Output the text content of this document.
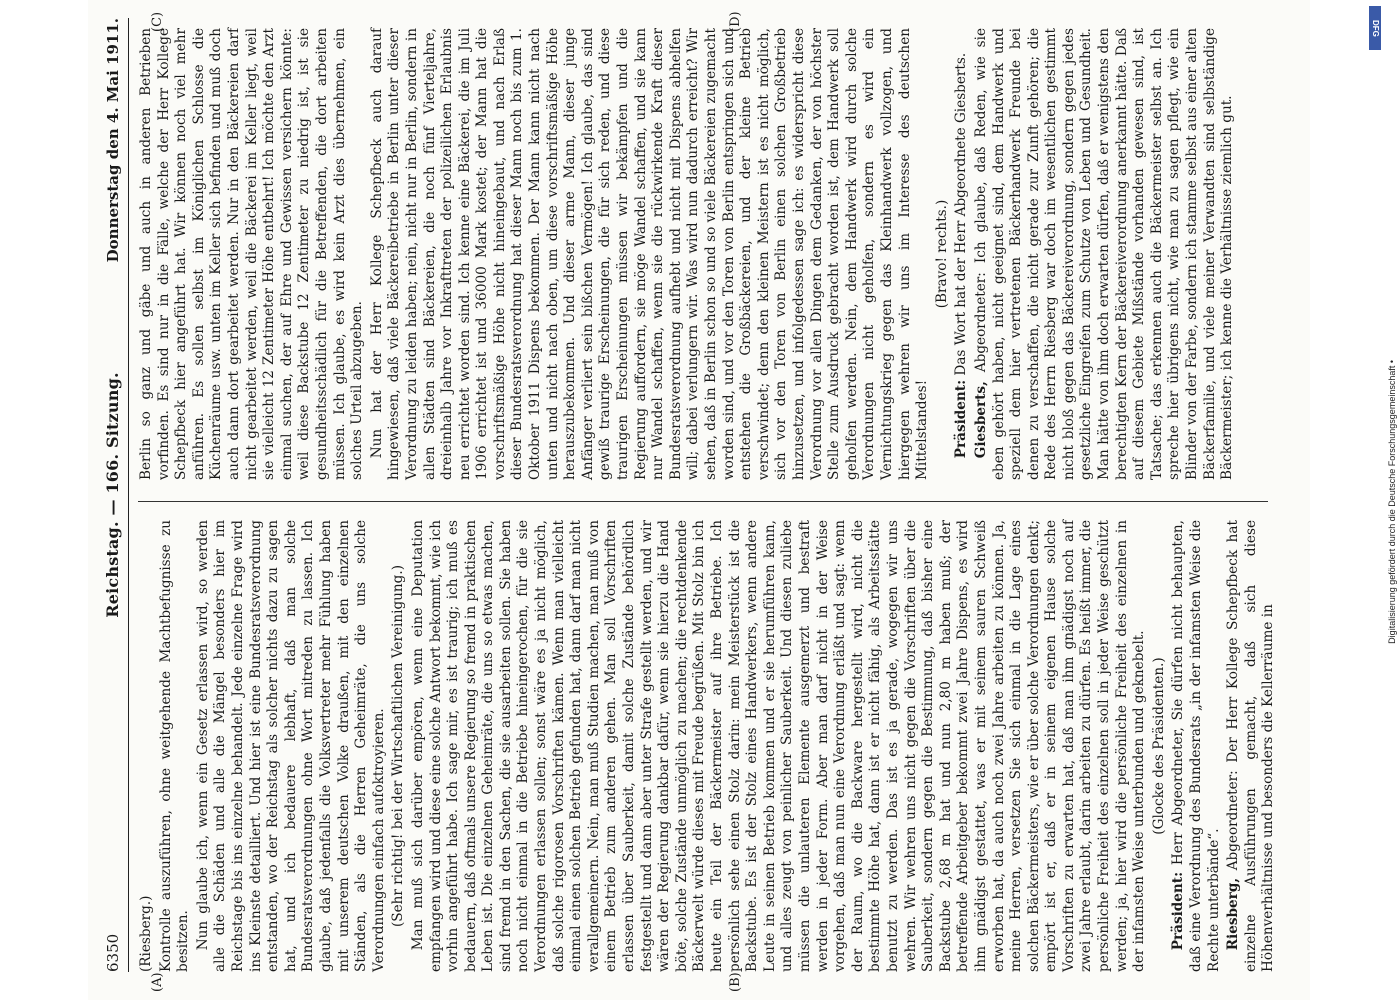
6350
Reichstag. — 166. Sitzung.
Donnerstag den 4. Mai 1911.
(A)	(B)
(C)	(D)

(Riesberg.) Kontrolle auszuführen, ohne weitgehende Machtbefugnisse zu besitzen. Nun glaube ich, wenn ein Gesetz erlassen wird, so werden alle die Schäden und alle die Mängel besonders hier im Reichstage bis ins einzelne behandelt. Jede einzelne Frage wird ins Kleinste detailliert. Und hier ist eine Bundesratsverordnung entstanden, wo der Reichstag als solcher nichts dazu zu sagen hat, und ich bedauere lebhaft, daß man solche Bundesratsverordnungen ohne Wort mitreden zu lassen. Ich glaube, daß jedenfalls die Volksvertreter mehr Fühlung haben mit unserem deutschen Volke draußen, mit den einzelnen Ständen, als die Herren Geheimräte, die uns solche Verordnungen einfach aufoktroyieren. (Sehr richtig! bei der Wirtschaftlichen Vereinigung.) Man muß sich darüber empören, wenn eine Deputation empfangen wird und diese eine solche Antwort bekommt, wie ich vorhin angeführt habe. Ich sage mir, es ist traurig; ich muß es bedauern, daß oftmals unsere Regierung so fremd in praktischen Leben ist. Die einzelnen Geheimräte, die uns so etwas machen, sind fremd in den Sachen, die sie ausarbeiten sollen. Sie haben noch nicht einmal in die Betriebe hineingerochen, für die sie Verordnungen erlassen sollen; sonst wäre es ja nicht möglich, daß solche rigorosen Vorschriften kämen. Wenn man vielleicht einmal einen solchen Betrieb gefunden hat, dann darf man nicht verallgemeinern. Nein, man muß Studien machen, man muß von einem Betrieb zum anderen gehen. Man soll Vorschriften erlassen über Sauberkeit, damit solche Zustände behördlich festgestellt und dann aber unter Strafe gestellt werden, und wir wären der Regierung dankbar dafür, wenn sie hierzu die Hand böte, solche Zustände unmöglich zu machen; die rechtdenkende Bäckerwelt würde dieses mit Freude begrüßen. Mit Stolz bin ich heute ein Teil der Bäckermeister auf ihre Betriebe. Ich persönlich sehe einen Stolz darin: mein Meisterstück ist die Backstube. Es ist der Stolz eines Handwerkers, wenn andere Leute in seinen Betrieb kommen und er sie herumführen kann, und alles zeugt von peinlicher Sauberkeit. Und diesen zuliebe müssen die unlauteren Elemente ausgemerzt und bestraft werden in jeder Form. Aber man darf nicht in der Weise vorgehen, daß man nun eine Verordnung erläßt und sagt: wenn der Raum, wo die Backware hergestellt wird, nicht die bestimmte Höhe hat, dann ist er nicht fähig, als Arbeitsstätte benutzt zu werden. Das ist es ja gerade, wogegen wir uns wehren. Wir wehren uns nicht gegen die Vorschriften über die Sauberkeit, sondern gegen die Bestimmung, daß bisher eine Backstube 2,68 m hat und nun 2,80 m haben muß; der betreffende Arbeitgeber bekommt zwei Jahre Dispens, es wird ihm gnädigst gestattet, was er mit seinem sauren Schweiß erworben hat, da auch noch zwei Jahre arbeiten zu können. Ja, meine Herren, versetzen Sie sich einmal in die Lage eines solchen Bäckermeisters, wie er über solche Verordnungen denkt; empört ist er, daß er in seinem eigenen Hause solche Vorschriften zu erwarten hat, daß man ihm gnädigst noch auf zwei Jahre erlaubt, darin arbeiten zu dürfen. Es heißt immer, die persönliche Freiheit des einzelnen soll in jeder Weise geschützt werden; ja, hier wird die persönliche Freiheit des einzelnen in der infamsten Weise unterbunden und geknebelt. (Glocke des Präsidenten.)

Präsident: Herr Abgeordneter, Sie dürfen nicht behaupten, daß eine Verordnung des Bundesrats „in der infamsten Weise die Rechte unterbände“. Riesberg, Abgeordneter: Der Herr Kollege Schepfbeck hat einzelne Ausführungen gemacht, daß sich diese Höhenverhältnisse und besonders die Kellerräume in

Berlin so ganz und gäbe und auch in anderen Betrieben vorfinden. Es sind nur in die Fälle, welche der Herr Kollege Schepfbeck hier angeführt hat. Wir können noch viel mehr anführen. Es sollen selbst im Königlichen Schlosse die Küchenräume usw. unten im Keller sich befinden und muß doch auch dann dort gearbeitet werden. Nur in den Bäckereien darf nicht gearbeitet werden, weil die Bäckerei im Keller liegt, weil sie vielleicht 12 Zentimeter Höhe entbehrt! Ich möchte den Arzt einmal suchen, der auf Ehre und Gewissen versichern könnte: weil diese Backstube 12 Zentimeter zu niedrig ist, ist sie gesundheitsschädlich für die Betreffenden, die dort arbeiten müssen. Ich glaube, es wird kein Arzt dies übernehmen, ein solches Urteil abzugeben. Nun hat der Herr Kollege Schepfbeck auch darauf hingewiesen, daß viele Bäckereibetriebe in Berlin unter dieser Verordnung zu leiden haben; nein, nicht nur in Berlin, sondern in allen Städten sind Bäckereien, die noch fünf Vierteljahre, dreieinhalb Jahre vor Inkrafttreten der polizeilichen Erlaubnis neu errichtet worden sind. Ich kenne eine Bäckerei, die im Juli 1906 errichtet ist und 36000 Mark kostet; der Mann hat die vorschriftsmäßige Höhe nicht hineingebaut, und nach Erlaß dieser Bundesratsverordnung hat dieser Mann noch bis zum 1. Oktober 1911 Dispens bekommen. Der Mann kann nicht nach unten und nicht nach oben, um diese vorschriftsmäßige Höhe herauszubekommen. Und dieser arme Mann, dieser junge Anfänger verliert sein bißchen Vermögen! Ich glaube, das sind gewiß traurige Erscheinungen, die für sich reden, und diese traurigen Erscheinungen müssen wir bekämpfen und die Regierung auffordern, sie möge Wandel schaffen, und sie kann nur Wandel schaffen, wenn sie die rückwirkende Kraft dieser Bundesratsverordnung aufhebt und nicht mit Dispens abhelfen will; dabei verlungern wir. Was wird nun dadurch erreicht? Wir sehen, daß in Berlin schon so und so viele Bäckereien zugemacht worden sind, und vor den Toren von Berlin entspringen sich und entstehen die Großbäckereien, und der kleine Betrieb verschwindet; denn den kleinen Meistern ist es nicht möglich, sich vor den Toren von Berlin einen solchen Großbetrieb hinzusetzen, und infolgedessen sage ich: es widerspricht diese Verordnung vor allen Dingen dem Gedanken, der von höchster Stelle zum Ausdruck gebracht worden ist, dem Handwerk soll geholfen werden. Nein, dem Handwerk wird durch solche Verordnungen nicht geholfen, sondern es wird ein Vernichtungskrieg gegen das Kleinhandwerk vollzogen, und hiergegen wehren wir uns im Interesse des deutschen Mittelstandes!

(Bravo! rechts.)

Präsident: Das Wort hat der Herr Abgeordnete Giesberts.

Giesberts, Abgeordneter: Ich glaube, daß Reden, wie sie eben gehört haben, nicht geeignet sind, dem Handwerk und speziell dem hier vertretenen Bäckerhandwerk Freunde bei denen zu verschaffen, die nicht gerade zur Zunft gehören; die Rede des Herrn Riesberg war doch im wesentlichen gestimmt nicht bloß gegen das Bäckereiverordnung, sondern gegen jedes gesetzliche Eingreifen zum Schutze von Leben und Gesundheit. Man hätte von ihm doch erwarten dürfen, daß er wenigstens den berechtigten Kern der Bäckereiverordnung anerkannt hätte. Daß auf diesem Gebiete Mißstände vorhanden gewesen sind, ist Tatsache; das erkennen auch die Bäckermeister selbst an. Ich spreche hier übrigens nicht, wie man zu sagen pflegt, wie ein Blinder von der Farbe, sondern ich stamme selbst aus einer alten Bäckerfamilie, und viele meiner Verwandten sind selbständige Bäckermeister; ich kenne die Verhältnisse ziemlich gut.

DFG
Digitalisierung gefördert durch die Deutsche Forschungsgemeinschaft •
